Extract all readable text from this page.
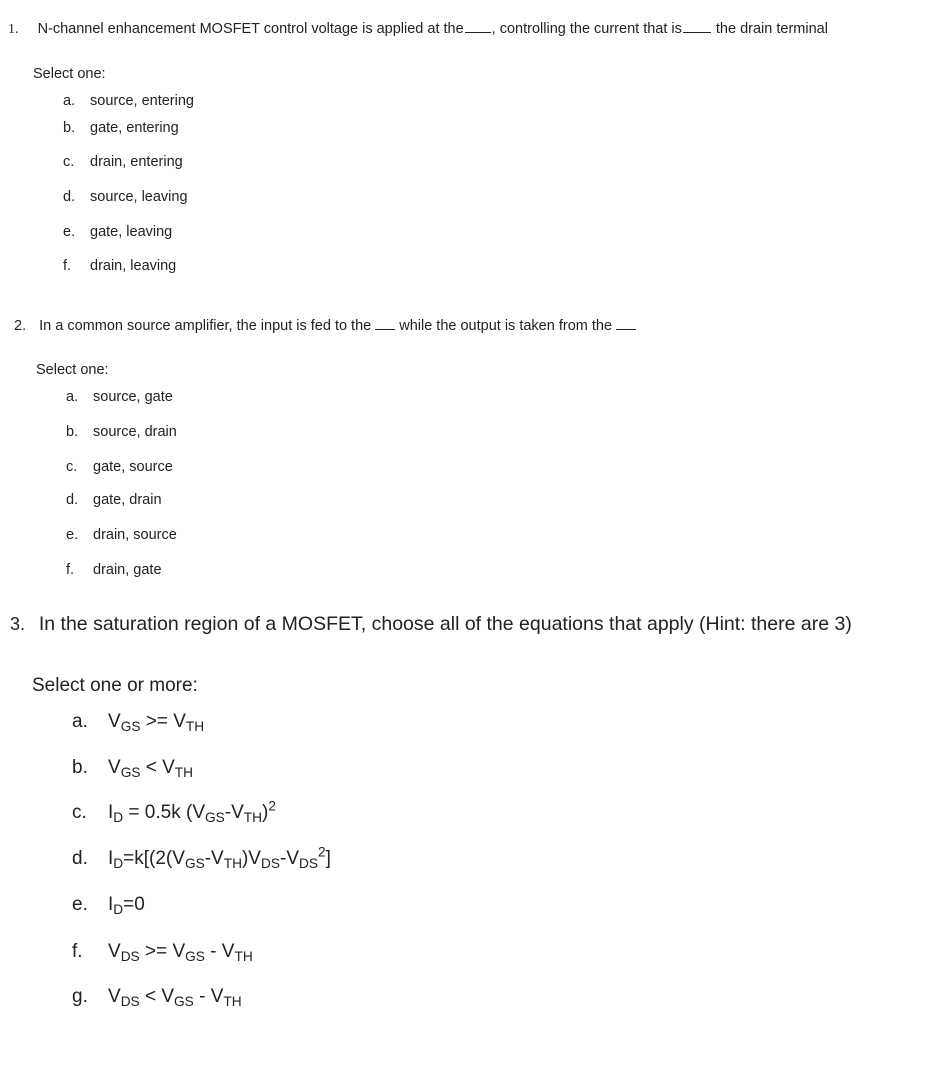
1. N-channel enhancement MOSFET control voltage is applied at the , controlling the current that is the drain terminal
Select one:
a. source, entering
b. gate, entering
c. drain, entering
d. source, leaving
e. gate, leaving
f. drain, leaving
2. In a common source amplifier, the input is fed to the while the output is taken from the
Select one:
a. source, gate
b. source, drain
c. gate, source
d. gate, drain
e. drain, source
f. drain, gate
3. In the saturation region of a MOSFET, choose all of the equations that apply (Hint: there are 3)
Select one or more:
a. $V_{GS} >= V_{TH}$
b. $V_{GS} < V_{TH}$
c. $I_D = 0.5k$ $(V_{GS}-V_{TH})^2$
d. $I_D=k[(2(V_{GS}-V_{TH})V_{DS}-V_{DS}^2]$
e. $I_D=0$
f. $V_{DS} >= V_{GS} - V_{TH}$
g. $V_{DS} < V_{GS} - V_{TH}$
